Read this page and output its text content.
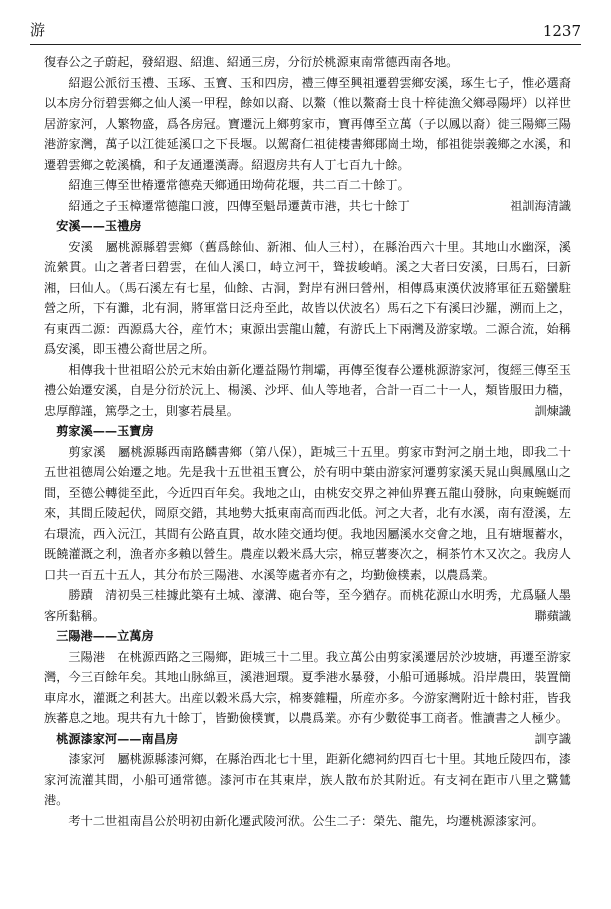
游	1237

復春公之子蔚起，發紹遐、紹進、紹通三房，分衍於桃源東南常德西南各地。

紹遐公派衍玉禮、玉琢、玉寶、玉和四房，禮三傳至興祖遷碧雲鄉安溪，琢生七子，惟必選裔以本房分衍碧雲鄉之仙人溪一甲程，餘如以裔、以鰲（惟以鰲裔士良十梓徒漁父鄉尋陽坪）以祥世居游家河，人繁物盛，爲各房冠。寶遷沅上鄉剪家市，寶再傳至立萬（子以鳳以裔）徙三陽鄉三陽港游家灣，萬子以江徙延溪口之下長堰。以駕裔仁祖徒棲書鄉鄖崗土坳，郁祖徙崇義鄉之水溪，和遷碧雲鄉之乾溪橋，和子友通遷漢壽。紹遐房共有人丁七百九十餘。

紹進三傳至世椿遷常德堯天鄉通田坳荷花堰，共二百二十餘丁。

紹通之子玉樟遷常德龍口渡，四傳至魁昂遷黃市港，共七十餘丁	祖訓海清識

安溪——玉禮房

安溪　屬桃源縣碧雲鄉（舊爲餘仙、新湘、仙人三村），在縣治西六十里。其地山水幽深，溪流縈貫。山之著者曰碧雲，在仙人溪口，峙立河干，聳拔峻峭。溪之大者曰安溪，曰馬石，曰新湘，曰仙人。（馬石溪左有七星，仙餘、古洞，對岸有洲曰營州，相傳爲東漢伏波將軍征五谿蠻駐營之所，下有灘，北有洞，將軍當日泛舟至此，故皆以伏波名）馬石之下有溪曰沙羅，溯而上之，有東西二源：西源爲大谷，産竹木；東源出雲龍山麓，有游氏上下兩灣及游家墩。二源合流，始稱爲安溪，即玉禮公裔世居之所。

相傳我十世祖昭公於元末始由新化遷益陽竹荆壩，再傳至復春公遷桃源游家河，復經三傳至玉禮公始遷安溪，自是分衍於沅上、楊溪、沙坪、仙人等地者，合計一百二十一人，類皆服田力穡，忠厚醇謹，篤學之士，則寥若晨星。	訓煉識

剪家溪——玉寶房

剪家溪　屬桃源縣西南路麟書鄉（第八保），距城三十五里。剪家市對河之崩土地，即我二十五世祖德周公始遷之地。先是我十五世祖玉寶公，於有明中葉由游家河遷剪家溪天晁山與鳳凰山之間，至德公轉徙至此，今近四百年矣。我地之山，由桃安交界之神仙界賽五龍山發脉，向東蜿蜒而來，其間丘陵起伏，岡原交錯，其地勢大抵東南高而西北低。河之大者，北有水溪，南有澄溪，左右環流，西入沅江，其間有公路直貫，故水陸交通均便。我地因屬溪水交會之地，且有塘堰蓄水，既饒灌溉之利，漁者亦多賴以營生。農産以穀米爲大宗，棉豆薯麥次之，桐茶竹木又次之。我房人口共一百五十五人，其分布於三陽港、水溪等處者亦有之，均勤儉樸素，以農爲業。

勝蹟　清初吳三桂據此築有土城、濠溝、砲台等，至今猶存。而桃花源山水明秀，尤爲騷人墨客所黏稱。	聯蘋識

三陽港——立萬房

三陽港　在桃源西路之三陽鄉，距城三十二里。我立萬公由剪家溪遷居於沙坡塘，再遷至游家灣，今三百餘年矣。其地山脉綿亘，溪港迴環。夏季港水暴發，小船可通縣城。沿岸農田，裝置簡車戽水，灌溉之利甚大。出産以穀米爲大宗，棉麥雜糧，所産亦多。今游家灣附近十餘村莊，皆我族蕃息之地。現共有九十餘丁，皆勤儉樸實，以農爲業。亦有少數從事工商者。惟讀書之人極少。
訓亨識

桃源漆家河——南昌房

漆家河　屬桃源縣漆河鄉，在縣治西北七十里，距新化總祠約四百七十里。其地丘陵四布，漆家河流灌其間，小船可通常德。漆河市在其東岸，族人散布於其附近。有支祠在距市八里之鷺鷥港。

考十二世祖南昌公於明初由新化遷武陵河洑。公生二子：榮先、龍先，均遷桃源漆家河。
